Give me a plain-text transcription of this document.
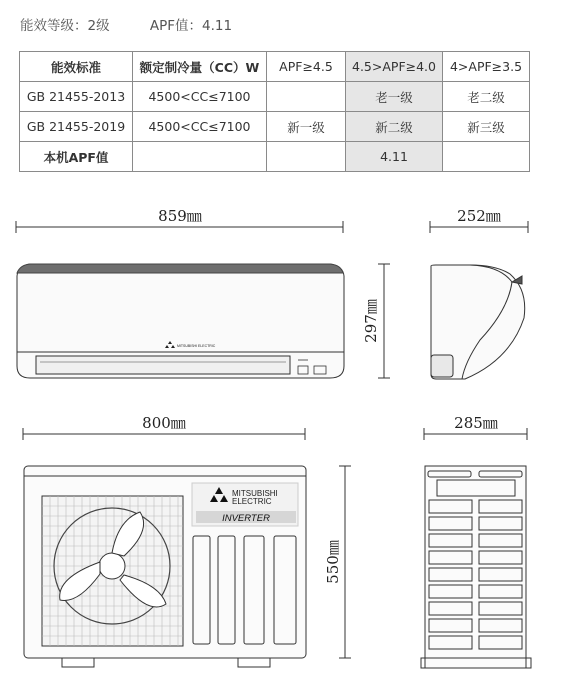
能效等级：2级	APF值：4.11
能效标准	额定制冷量（CC）W	APF≥4.5	4.5>APF≥4.0	4>APF≥3.5
GB 21455-2013	4500<CC≤7100		老一级	老二级
GB 21455-2019	4500<CC≤7100	新一级	新二级	新三级
本机APF值			4.11	
859㎜
MITSUBISHI ELECTRIC
297㎜
252㎜
800㎜
MITSUBISHI
ELECTRIC
INVERTER
550㎜
285㎜
